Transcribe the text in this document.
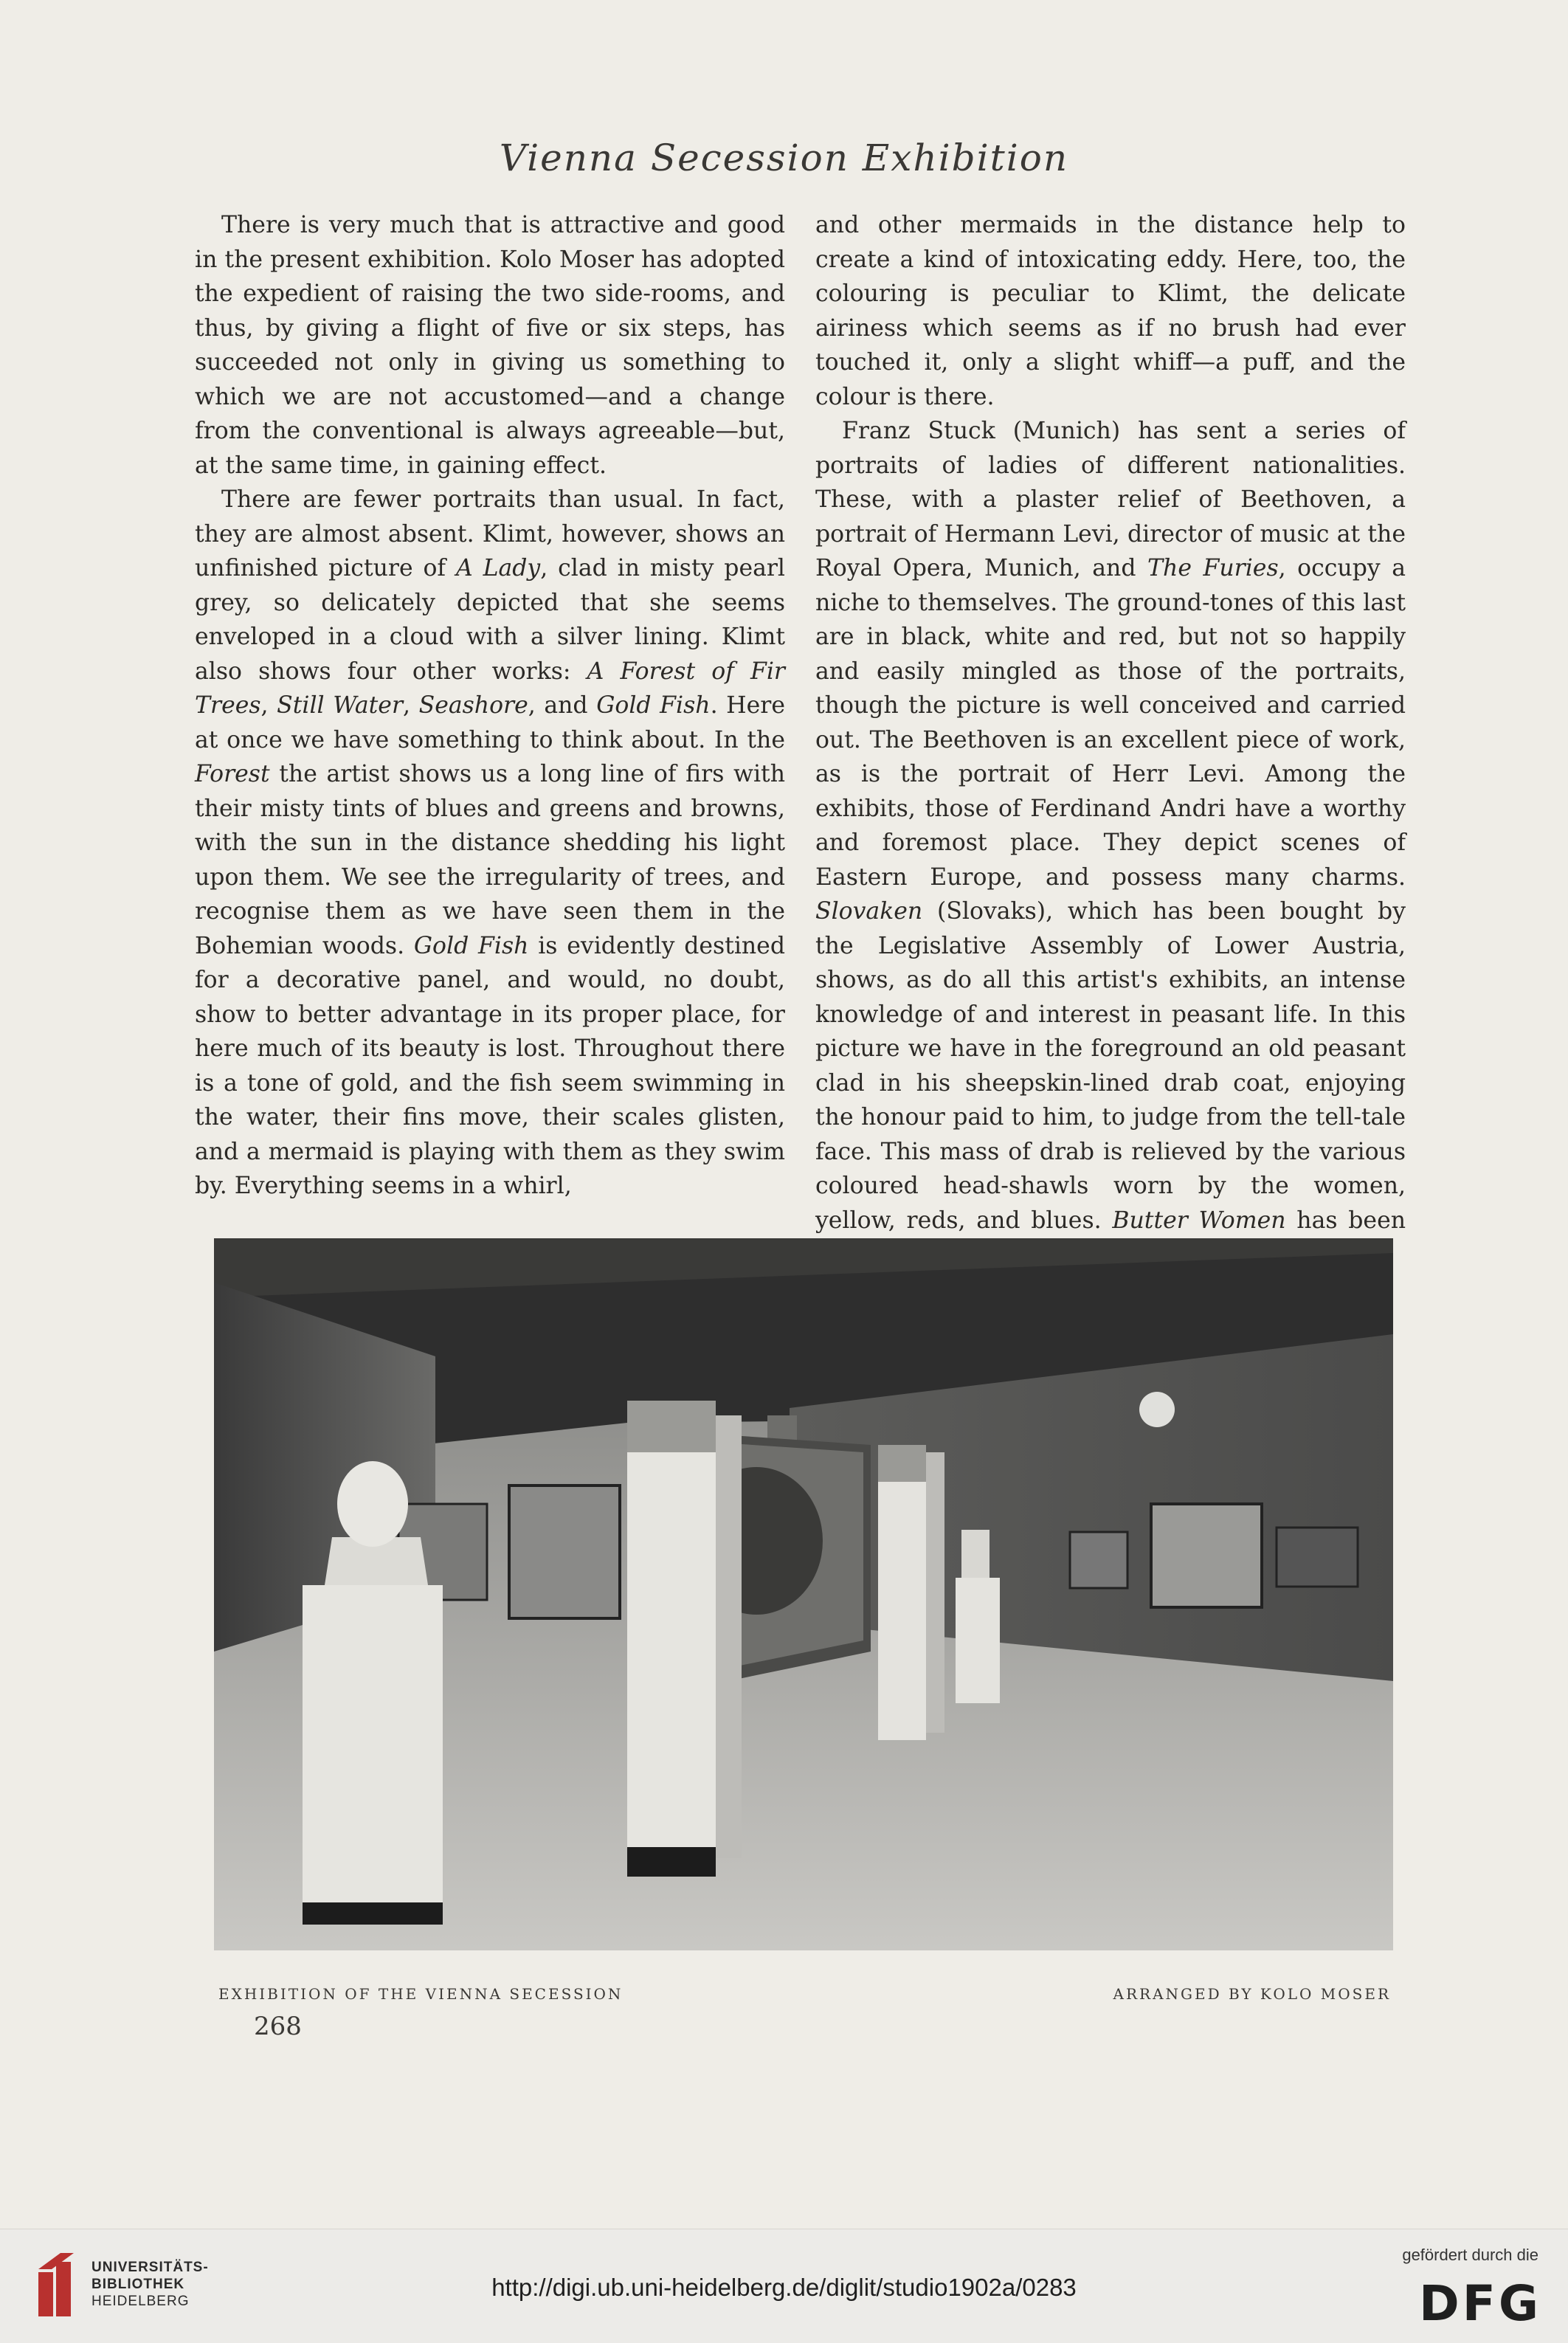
Vienna Secession Exhibition

There is very much that is attractive and good in the present exhibition. Kolo Moser has adopted the expedient of raising the two side-rooms, and thus, by giving a flight of five or six steps, has succeeded not only in giving us something to which we are not accustomed—and a change from the conventional is always agreeable—but, at the same time, in gaining effect.

There are fewer portraits than usual. In fact, they are almost absent. Klimt, however, shows an unfinished picture of A Lady, clad in misty pearl grey, so delicately depicted that she seems enveloped in a cloud with a silver lining. Klimt also shows four other works: A Forest of Fir Trees, Still Water, Seashore, and Gold Fish. Here at once we have something to think about. In the Forest the artist shows us a long line of firs with their misty tints of blues and greens and browns, with the sun in the distance shedding his light upon them. We see the irregularity of trees, and recognise them as we have seen them in the Bohemian woods. Gold Fish is evidently destined for a decorative panel, and would, no doubt, show to better advantage in its proper place, for here much of its beauty is lost. Throughout there is a tone of gold, and the fish seem swimming in the water, their fins move, their scales glisten, and a mermaid is playing with them as they swim by. Everything seems in a whirl,

and other mermaids in the distance help to create a kind of intoxicating eddy. Here, too, the colouring is peculiar to Klimt, the delicate airiness which seems as if no brush had ever touched it, only a slight whiff—a puff, and the colour is there.

Franz Stuck (Munich) has sent a series of portraits of ladies of different nationalities. These, with a plaster relief of Beethoven, a portrait of Hermann Levi, director of music at the Royal Opera, Munich, and The Furies, occupy a niche to themselves. The ground-tones of this last are in black, white and red, but not so happily and easily mingled as those of the portraits, though the picture is well conceived and carried out. The Beethoven is an excellent piece of work, as is the portrait of Herr Levi. Among the exhibits, those of Ferdinand Andri have a worthy and foremost place. They depict scenes of Eastern Europe, and possess many charms. Slovaken (Slovaks), which has been bought by the Legislative Assembly of Lower Austria, shows, as do all this artist's exhibits, an intense knowledge of and interest in peasant life. In this picture we have in the foreground an old peasant clad in his sheepskin-lined drab coat, enjoying the honour paid to him, to judge from the tell-tale face. This mass of drab is relieved by the various coloured head-shawls worn by the women, yellow, reds, and blues. Butter Women has been

EXHIBITION OF THE VIENNA SECESSION	ARRANGED BY KOLO MOSER
268
UNIVERSITÄTS-
BIBLIOTHEK
HEIDELBERG
http://digi.ub.uni-heidelberg.de/diglit/studio1902a/0283
gefördert durch die
DFG
